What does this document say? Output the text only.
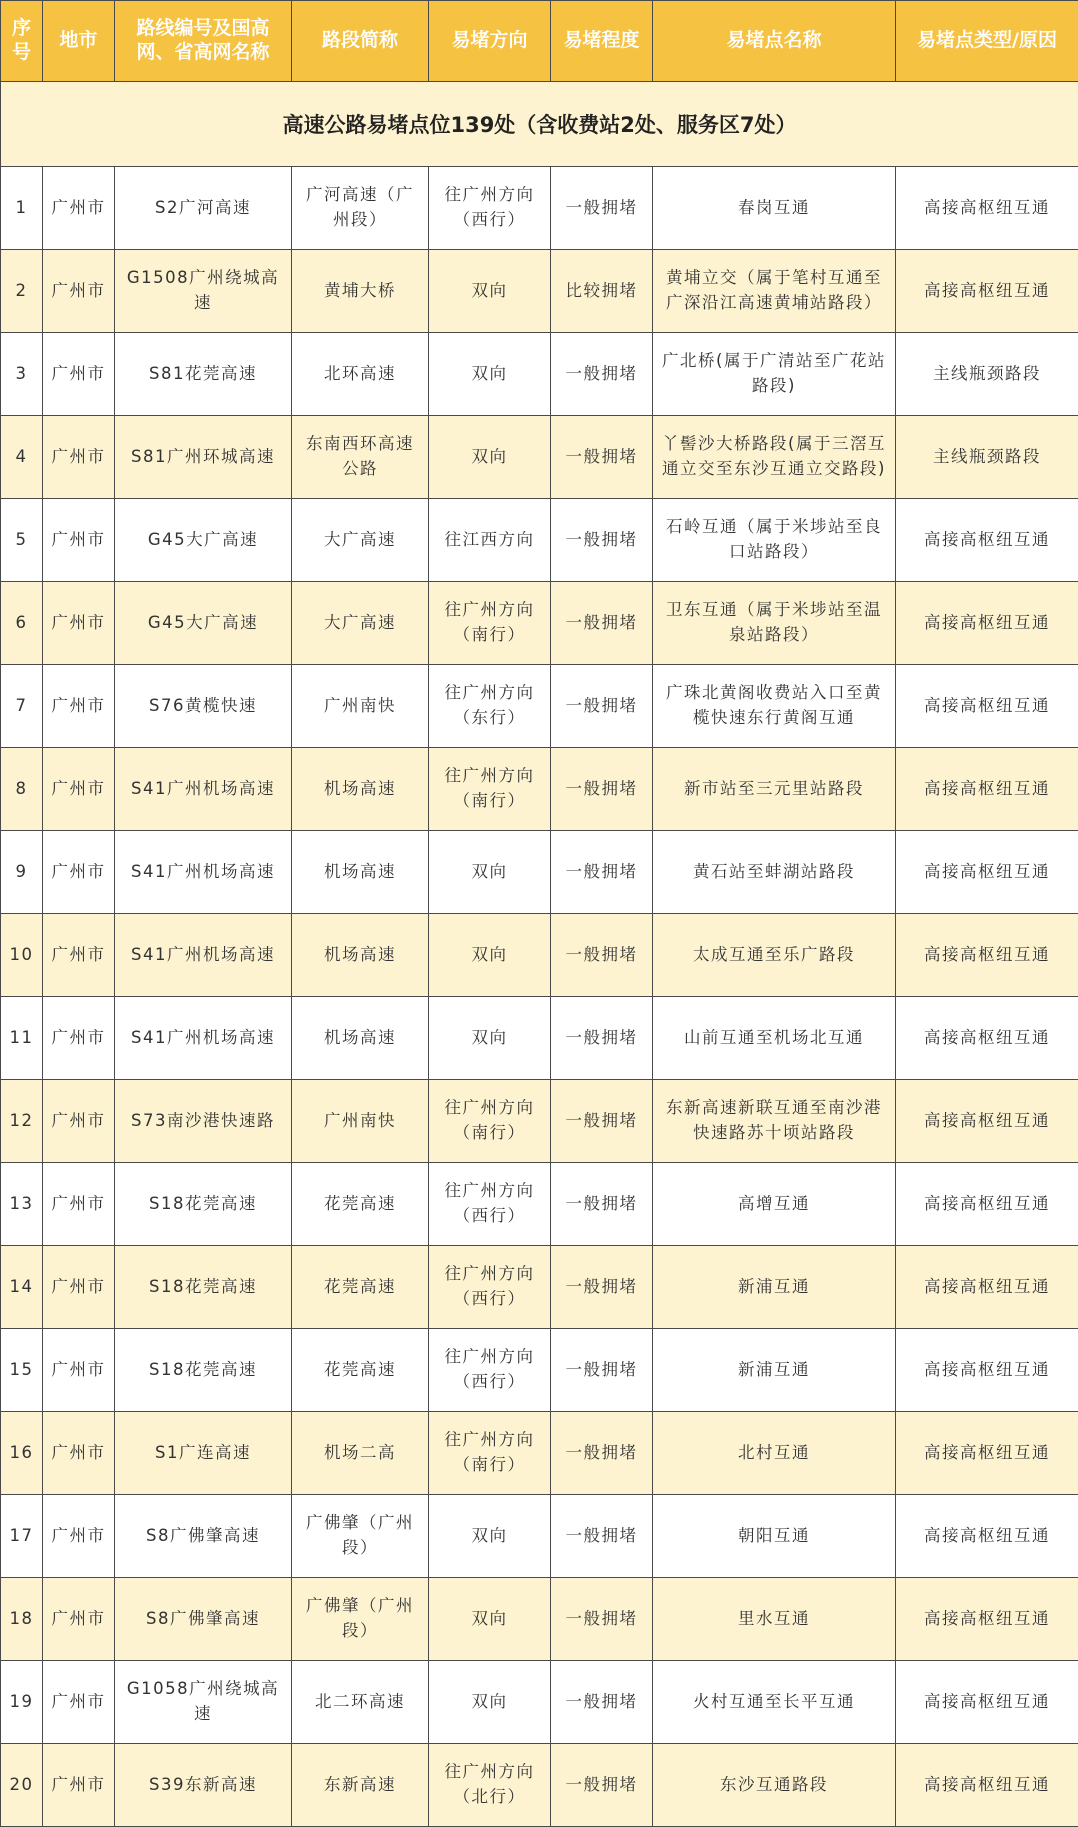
序号	地市	路线编号及国高网、省高网名称	路段简称	易堵方向	易堵程度	易堵点名称	易堵点类型/原因
高速公路易堵点位139处（含收费站2处、服务区7处）							
1	广州市	S2广河高速	广河高速（广州段）	往广州方向（西行）	一般拥堵	春岗互通	高接高枢纽互通
2	广州市	G1508广州绕城高速	黄埔大桥	双向	比较拥堵	黄埔立交（属于笔村互通至广深沿江高速黄埔站路段）	高接高枢纽互通
3	广州市	S81花莞高速	北环高速	双向	一般拥堵	广北桥(属于广清站至广花站路段)	主线瓶颈路段
4	广州市	S81广州环城高速	东南西环高速公路	双向	一般拥堵	丫髻沙大桥路段(属于三滘互通立交至东沙互通立交路段)	主线瓶颈路段
5	广州市	G45大广高速	大广高速	往江西方向	一般拥堵	石岭互通（属于米埗站至良口站路段）	高接高枢纽互通
6	广州市	G45大广高速	大广高速	往广州方向（南行）	一般拥堵	卫东互通（属于米埗站至温泉站路段）	高接高枢纽互通
7	广州市	S76黄榄快速	广州南快	往广州方向（东行）	一般拥堵	广珠北黄阁收费站入口至黄榄快速东行黄阁互通	高接高枢纽互通
8	广州市	S41广州机场高速	机场高速	往广州方向（南行）	一般拥堵	新市站至三元里站路段	高接高枢纽互通
9	广州市	S41广州机场高速	机场高速	双向	一般拥堵	黄石站至蚌湖站路段	高接高枢纽互通
10	广州市	S41广州机场高速	机场高速	双向	一般拥堵	太成互通至乐广路段	高接高枢纽互通
11	广州市	S41广州机场高速	机场高速	双向	一般拥堵	山前互通至机场北互通	高接高枢纽互通
12	广州市	S73南沙港快速路	广州南快	往广州方向（南行）	一般拥堵	东新高速新联互通至南沙港快速路苏十顷站路段	高接高枢纽互通
13	广州市	S18花莞高速	花莞高速	往广州方向（西行）	一般拥堵	高增互通	高接高枢纽互通
14	广州市	S18花莞高速	花莞高速	往广州方向（西行）	一般拥堵	新浦互通	高接高枢纽互通
15	广州市	S18花莞高速	花莞高速	往广州方向（西行）	一般拥堵	新浦互通	高接高枢纽互通
16	广州市	S1广连高速	机场二高	往广州方向（南行）	一般拥堵	北村互通	高接高枢纽互通
17	广州市	S8广佛肇高速	广佛肇（广州段）	双向	一般拥堵	朝阳互通	高接高枢纽互通
18	广州市	S8广佛肇高速	广佛肇（广州段）	双向	一般拥堵	里水互通	高接高枢纽互通
19	广州市	G1058广州绕城高速	北二环高速	双向	一般拥堵	火村互通至长平互通	高接高枢纽互通
20	广州市	S39东新高速	东新高速	往广州方向（北行）	一般拥堵	东沙互通路段	高接高枢纽互通
